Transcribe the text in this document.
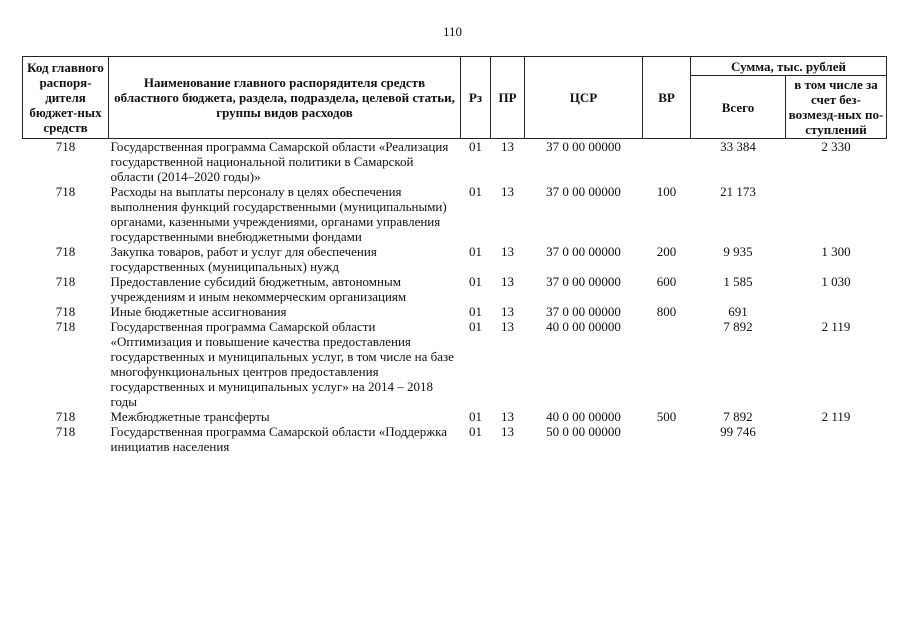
110
Код главного распоря-дителя бюджет-ных средств	Наименование главного распорядителя средств областного бюджета, раздела, подраздела, целевой статьи, группы видов расходов	Рз	ПР	ЦСР	ВР	Сумма, тыс. рублей	
						Всего	в том числе за счет без-возмезд-ных по-ступлений
718	Государственная программа Самарской области «Реализация государственной национальной политики в Самарской области (2014–2020 годы)»	01	13	37 0 00 00000		33 384	2 330
718	Расходы на выплаты персоналу в целях обеспечения выполнения функций государственными (муниципальными) органами, казенными учреждениями, органами управления государственными внебюджетными фондами	01	13	37 0 00 00000	100	21 173	
718	Закупка товаров, работ и услуг для обеспечения государственных (муниципальных) нужд	01	13	37 0 00 00000	200	9 935	1 300
718	Предоставление субсидий бюджетным, автономным учреждениям и иным некоммерческим организациям	01	13	37 0 00 00000	600	1 585	1 030
718	Иные бюджетные ассигнования	01	13	37 0 00 00000	800	691	
718	Государственная программа Самарской области «Оптимизация и повышение качества предоставления государственных и муниципальных услуг, в том числе на базе многофункциональных центров предоставления государственных и муниципальных услуг» на 2014 – 2018 годы	01	13	40 0 00 00000		7 892	2 119
718	Межбюджетные трансферты	01	13	40 0 00 00000	500	7 892	2 119
718	Государственная программа Самарской области «Поддержка инициатив населения	01	13	50 0 00 00000		99 746	
